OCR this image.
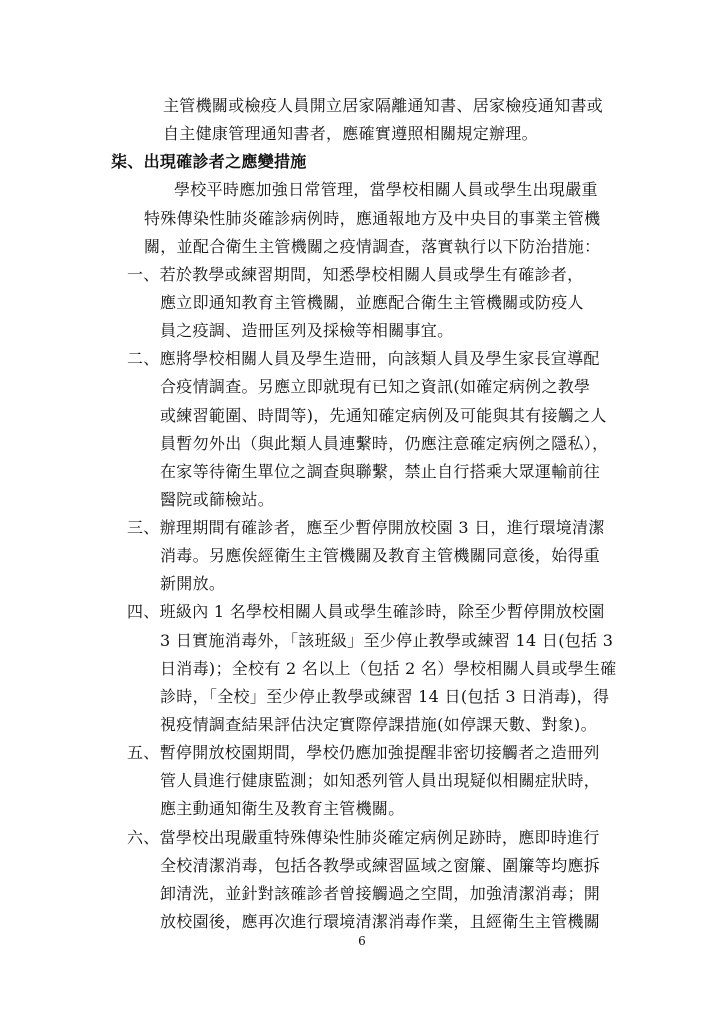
主管機關或檢疫人員開立居家隔離通知書、居家檢疫通知書或
自主健康管理通知書者，應確實遵照相關規定辦理。
柒、出現確診者之應變措施
學校平時應加強日常管理，當學校相關人員或學生出現嚴重
特殊傳染性肺炎確診病例時，應通報地方及中央目的事業主管機
關，並配合衛生主管機關之疫情調查，落實執行以下防治措施：
一、若於教學或練習期間，知悉學校相關人員或學生有確診者，
應立即通知教育主管機關，並應配合衛生主管機關或防疫人
員之疫調、造冊匡列及採檢等相關事宜。
二、應將學校相關人員及學生造冊，向該類人員及學生家長宣導配
合疫情調查。另應立即就現有已知之資訊(如確定病例之教學
或練習範圍、時間等)，先通知確定病例及可能與其有接觸之人
員暫勿外出（與此類人員連繫時，仍應注意確定病例之隱私），
在家等待衛生單位之調查與聯繫，禁止自行搭乘大眾運輸前往
醫院或篩檢站。
三、辦理期間有確診者，應至少暫停開放校園 3 日，進行環境清潔
消毒。另應俟經衛生主管機關及教育主管機關同意後，始得重
新開放。
四、班級內 1 名學校相關人員或學生確診時，除至少暫停開放校園
3 日實施消毒外，「該班級」至少停止教學或練習 14 日(包括 3
日消毒)；全校有 2 名以上（包括 2 名）學校相關人員或學生確
診時，「全校」至少停止教學或練習 14 日(包括 3 日消毒)，得
視疫情調查結果評估決定實際停課措施(如停課天數、對象)。
五、暫停開放校園期間，學校仍應加強提醒非密切接觸者之造冊列
管人員進行健康監測；如知悉列管人員出現疑似相關症狀時，
應主動通知衛生及教育主管機關。
六、當學校出現嚴重特殊傳染性肺炎確定病例足跡時，應即時進行
全校清潔消毒，包括各教學或練習區域之窗簾、圍簾等均應拆
卸清洗，並針對該確診者曾接觸過之空間，加強清潔消毒；開
放校園後，應再次進行環境清潔消毒作業，且經衛生主管機關
6
